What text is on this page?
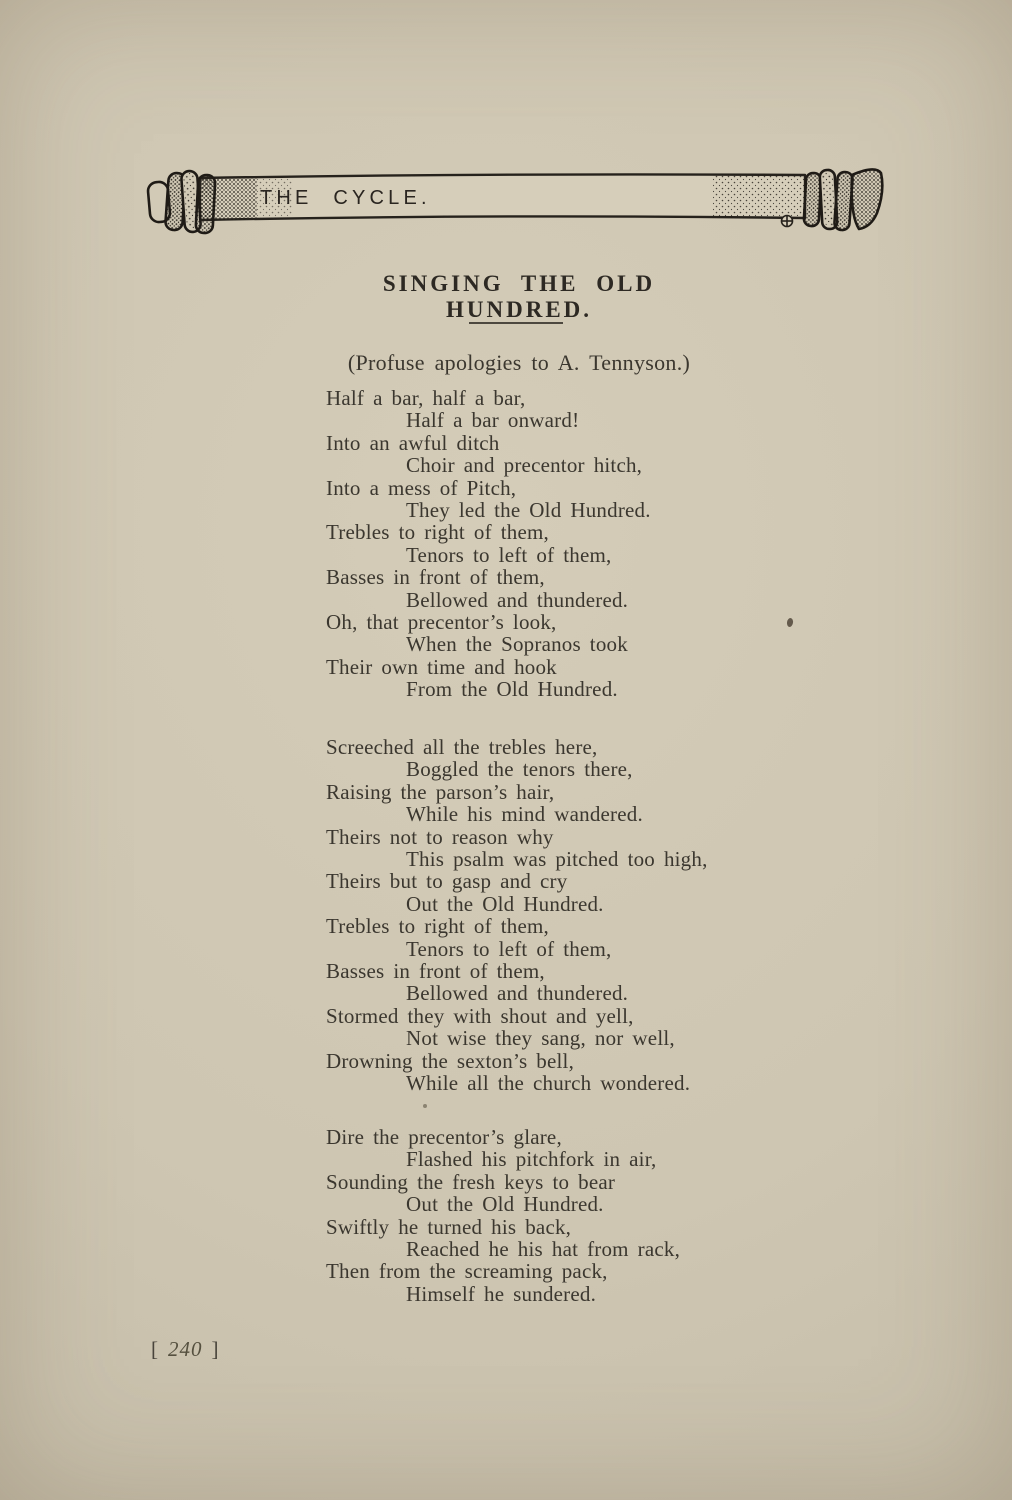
THE CYCLE.
SINGING THE OLD HUNDRED.

(Profuse apologies to A. Tennyson.)

Half a bar, half a bar,

Half a bar onward!

Into an awful ditch

Choir and precentor hitch,

Into a mess of Pitch,

They led the Old Hundred.

Trebles to right of them,

Tenors to left of them,

Basses in front of them,

Bellowed and thundered.

Oh, that precentor’s look,

When the Sopranos took

Their own time and hook

From the Old Hundred.

Screeched all the trebles here,

Boggled the tenors there,

Raising the parson’s hair,

While his mind wandered.

Theirs not to reason why

This psalm was pitched too high,

Theirs but to gasp and cry

Out the Old Hundred.

Trebles to right of them,

Tenors to left of them,

Basses in front of them,

Bellowed and thundered.

Stormed they with shout and yell,

Not wise they sang, nor well,

Drowning the sexton’s bell,

While all the church wondered.

Dire the precentor’s glare,

Flashed his pitchfork in air,

Sounding the fresh keys to bear

Out the Old Hundred.

Swiftly he turned his back,

Reached he his hat from rack,

Then from the screaming pack,

Himself he sundered.

[ 240 ]
